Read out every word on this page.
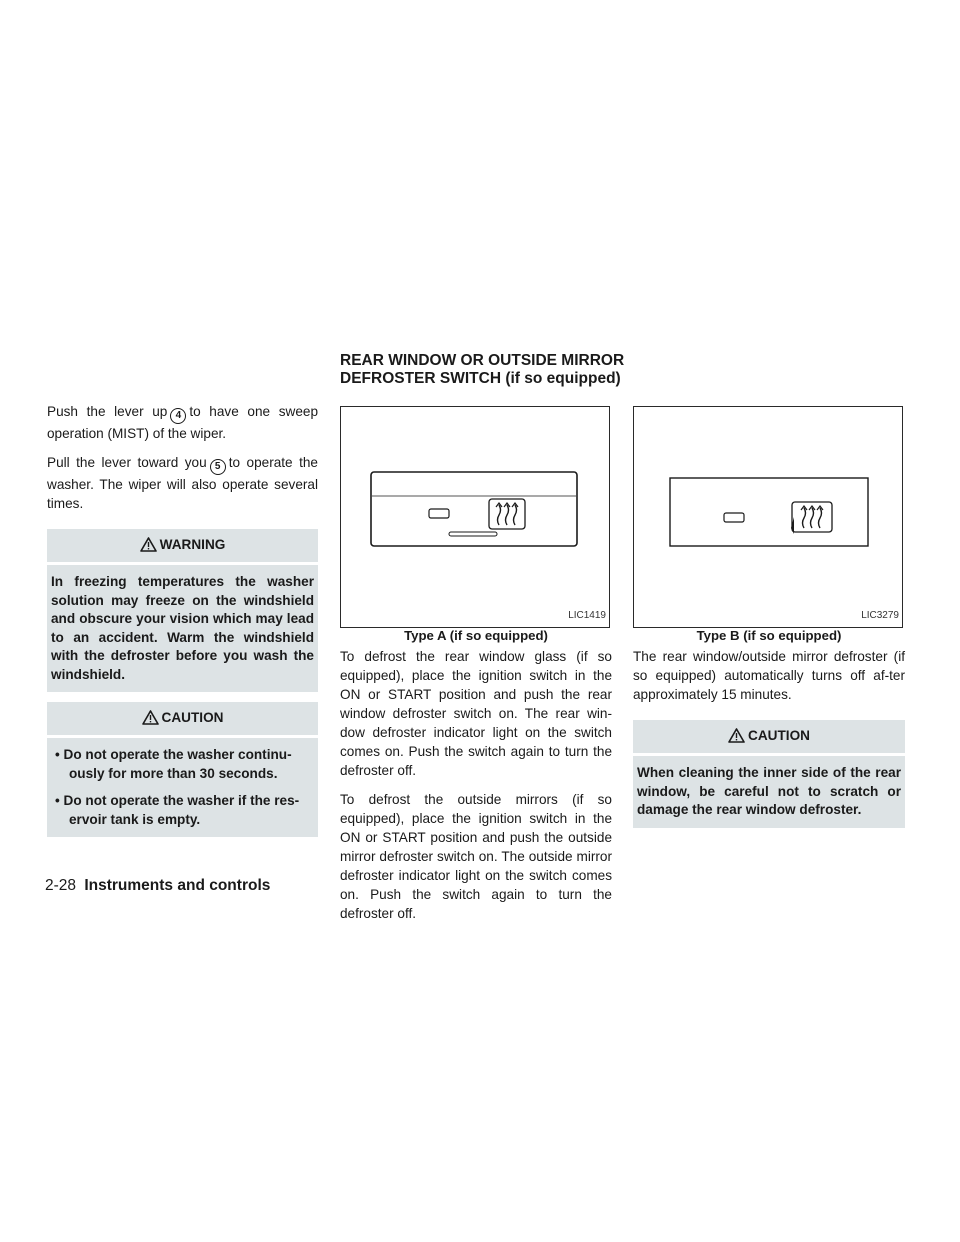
REAR WINDOW OR OUTSIDE MIRROR
DEFROSTER SWITCH (if so equipped)

Push the lever up 4 to have one sweep operation (MIST) of the wiper.

Pull the lever toward you 5 to operate the washer. The wiper will also operate several times.

WARNING
In freezing temperatures the washer solution may freeze on the windshield and obscure your vision which may lead to an accident. Warm the windshield with the defroster before you wash the windshield.
CAUTION
• Do not operate the washer continu-ously for more than 30 seconds.
• Do not operate the washer if the res-ervoir tank is empty.
LIC1419
Type A (if so equipped)

To defrost the rear window glass (if so equipped), place the ignition switch in the ON or START position and push the rear window defroster switch on. The rear win-dow defroster indicator light on the switch comes on. Push the switch again to turn the defroster off.

To defrost the outside mirrors (if so equipped), place the ignition switch in the ON or START position and push the outside mirror defroster switch on. The outside mirror defroster indicator light on the switch comes on. Push the switch again to turn the defroster off.

LIC3279
Type B (if so equipped)

The rear window/outside mirror defroster (if so equipped) automatically turns off af-ter approximately 15 minutes.

CAUTION
When cleaning the inner side of the rear window, be careful not to scratch or damage the rear window defroster.
2-28 Instruments and controls
